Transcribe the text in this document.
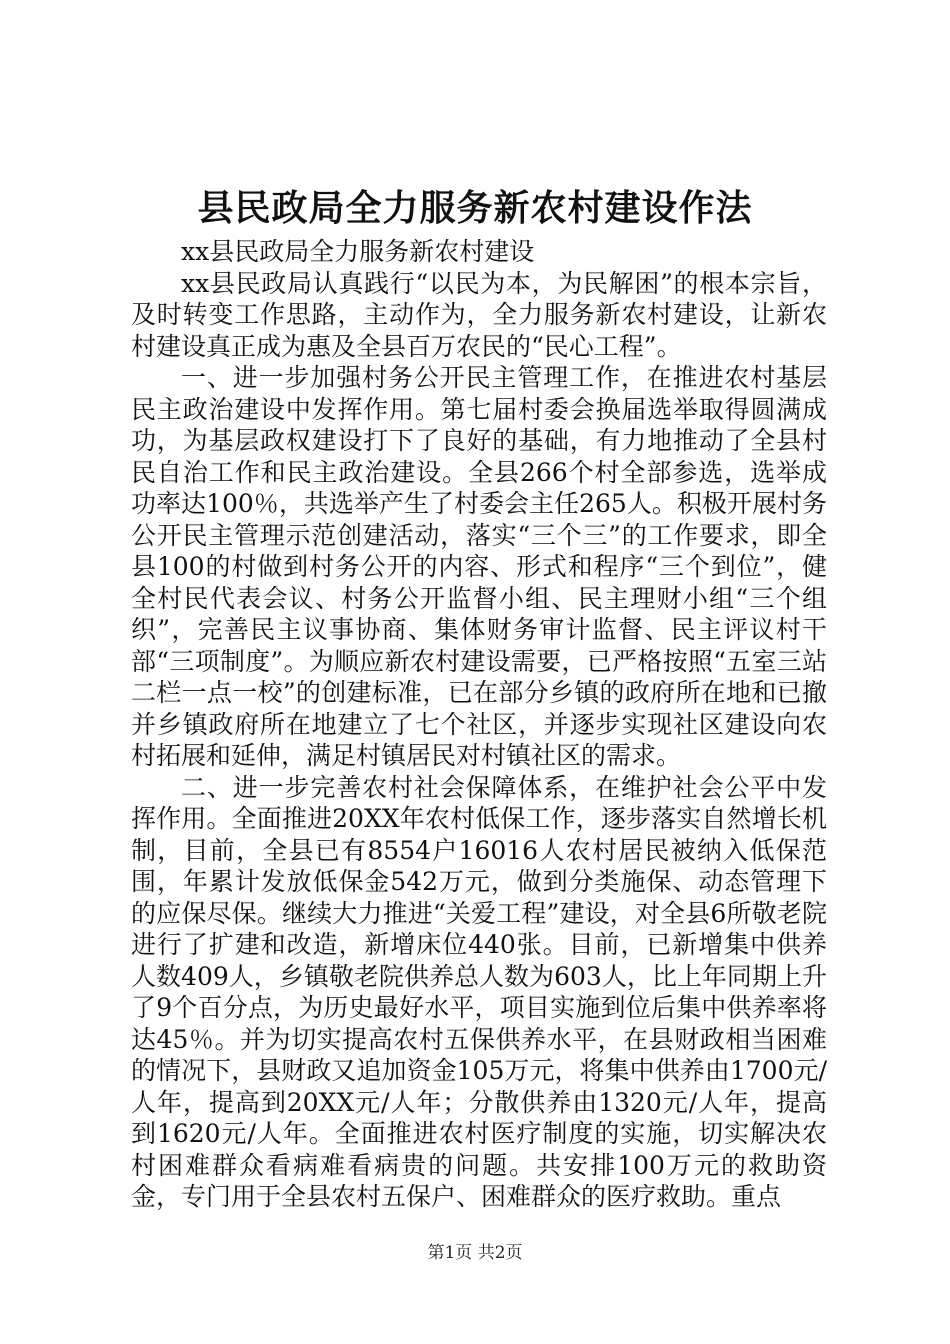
县民政局全力服务新农村建设作法

xx县民政局全力服务新农村建设

xx县民政局认真践行“以民为本，为民解困”的根本宗旨，及时转变工作思路，主动作为，全力服务新农村建设，让新农村建设真正成为惠及全县百万农民的“民心工程”。

一、进一步加强村务公开民主管理工作，在推进农村基层民主政治建设中发挥作用。第七届村委会换届选举取得圆满成功，为基层政权建设打下了良好的基础，有力地推动了全县村民自治工作和民主政治建设。全县266个村全部参选，选举成功率达100％，共选举产生了村委会主任265人。积极开展村务公开民主管理示范创建活动，落实“三个三”的工作要求，即全县100的村做到村务公开的内容、形式和程序“三个到位”，健全村民代表会议、村务公开监督小组、民主理财小组“三个组织”，完善民主议事协商、集体财务审计监督、民主评议村干部“三项制度”。为顺应新农村建设需要，已严格按照“五室三站二栏一点一校”的创建标准，已在部分乡镇的政府所在地和已撤并乡镇政府所在地建立了七个社区，并逐步实现社区建设向农村拓展和延伸，满足村镇居民对村镇社区的需求。

二、进一步完善农村社会保障体系，在维护社会公平中发挥作用。全面推进20XX年农村低保工作，逐步落实自然增长机制，目前，全县已有8554户16016人农村居民被纳入低保范围，年累计发放低保金542万元，做到分类施保、动态管理下的应保尽保。继续大力推进“关爱工程”建设，对全县6所敬老院进行了扩建和改造，新增床位440张。目前，已新增集中供养人数409人，乡镇敬老院供养总人数为603人，比上年同期上升了9个百分点，为历史最好水平，项目实施到位后集中供养率将达45％。并为切实提高农村五保供养水平，在县财政相当困难的情况下，县财政又追加资金105万元，将集中供养由1700元/人年，提高到20XX元/人年；分散供养由1320元/人年，提高到1620元/人年。全面推进农村医疗制度的实施，切实解决农村困难群众看病难看病贵的问题。共安排100万元的救助资金，专门用于全县农村五保户、困难群众的医疗救助。重点

第1页 共2页
